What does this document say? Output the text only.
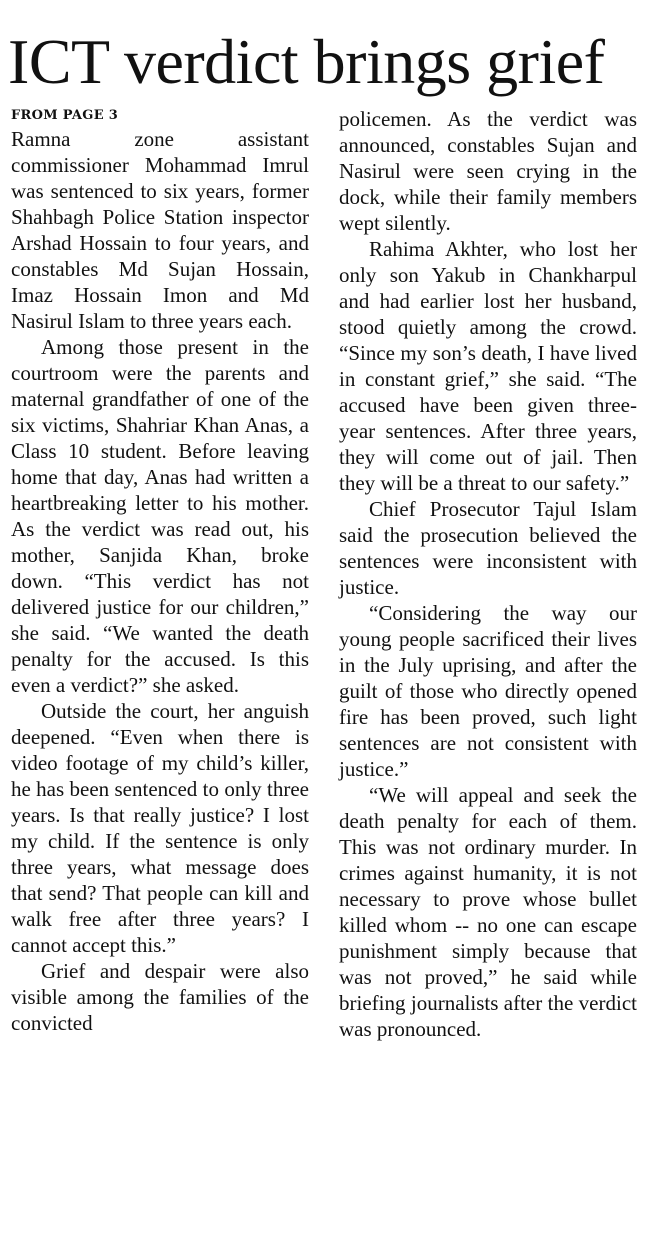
ICT verdict brings grief
FROM PAGE 3

Ramna zone assistant commissioner Mohammad Imrul was sentenced to six years, former Shahbagh Police Station inspector Arshad Hossain to four years, and constables Md Sujan Hossain, Imaz Hossain Imon and Md Nasirul Islam to three years each.

Among those present in the courtroom were the parents and maternal grandfather of one of the six victims, Shahriar Khan Anas, a Class 10 student. Before leaving home that day, Anas had written a heartbreaking letter to his mother. As the verdict was read out, his mother, Sanjida Khan, broke down. “This verdict has not delivered justice for our children,” she said. “We wanted the death penalty for the accused. Is this even a verdict?” she asked.

Outside the court, her anguish deepened. “Even when there is video footage of my child’s killer, he has been sentenced to only three years. Is that really justice? I lost my child. If the sentence is only three years, what message does that send? That people can kill and walk free after three years? I cannot accept this.”

Grief and despair were also visible among the families of the convicted

policemen. As the verdict was announced, constables Sujan and Nasirul were seen crying in the dock, while their family members wept silently.

Rahima Akhter, who lost her only son Yakub in Chankharpul and had earlier lost her husband, stood quietly among the crowd. “Since my son’s death, I have lived in constant grief,” she said. “The accused have been given three-year sentences. After three years, they will come out of jail. Then they will be a threat to our safety.”

Chief Prosecutor Tajul Islam said the prosecution believed the sentences were inconsistent with justice.

“Considering the way our young people sacrificed their lives in the July uprising, and after the guilt of those who directly opened fire has been proved, such light sentences are not consistent with justice.”

“We will appeal and seek the death penalty for each of them. This was not ordinary murder. In crimes against humanity, it is not necessary to prove whose bullet killed whom -- no one can escape punishment simply because that was not proved,” he said while briefing journalists after the verdict was pronounced.
